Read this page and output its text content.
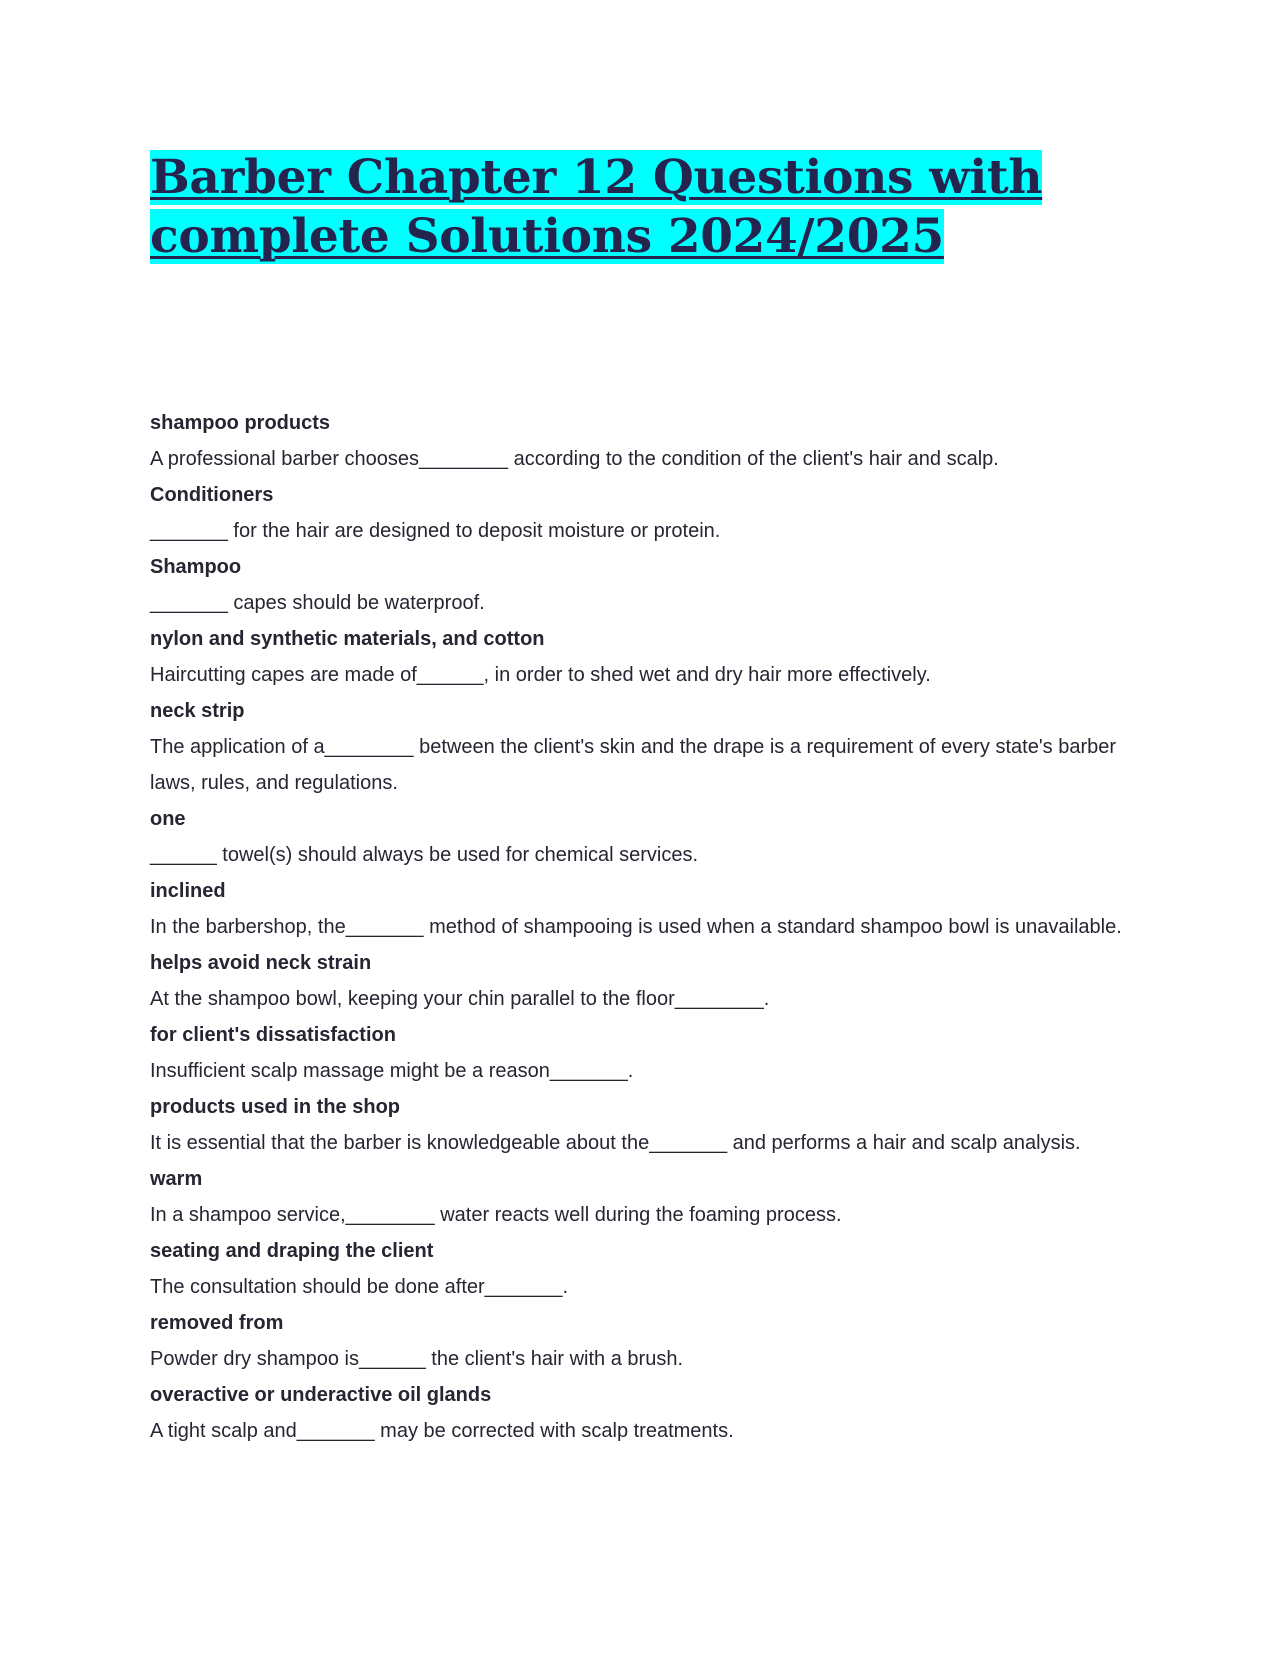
Barber Chapter 12 Questions with
complete Solutions 2024/2025

shampoo products

A professional barber chooses________ according to the condition of the client's hair and scalp.

Conditioners

_______ for the hair are designed to deposit moisture or protein.

Shampoo

_______ capes should be waterproof.

nylon and synthetic materials, and cotton

Haircutting capes are made of______, in order to shed wet and dry hair more effectively.

neck strip

The application of a________ between the client's skin and the drape is a requirement of every state's barber laws, rules, and regulations.

one

______ towel(s) should always be used for chemical services.

inclined

In the barbershop, the_______ method of shampooing is used when a standard shampoo bowl is unavailable.

helps avoid neck strain

At the shampoo bowl, keeping your chin parallel to the floor________.

for client's dissatisfaction

Insufficient scalp massage might be a reason_______.

products used in the shop

It is essential that the barber is knowledgeable about the_______ and performs a hair and scalp analysis.

warm

In a shampoo service,________ water reacts well during the foaming process.

seating and draping the client

The consultation should be done after_______.

removed from

Powder dry shampoo is______ the client's hair with a brush.

overactive or underactive oil glands

A tight scalp and_______ may be corrected with scalp treatments.
